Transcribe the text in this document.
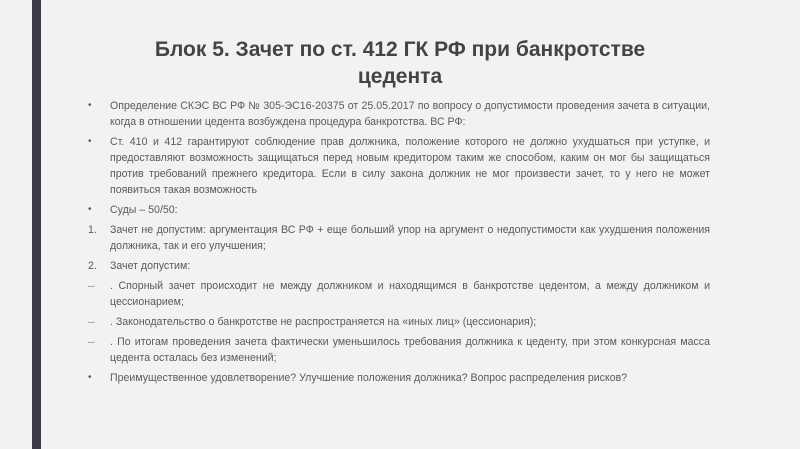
Блок 5. Зачет по ст. 412 ГК РФ при банкротстве цедента
•	Определение СКЭС ВС РФ № 305-ЭС16-20375 от 25.05.2017 по вопросу о допустимости проведения зачета в ситуации, когда в отношении цедента возбуждена процедура банкротства. ВС РФ:
•	Ст. 410 и 412 гарантируют соблюдение прав должника, положение которого не должно ухудшаться при уступке, и предоставляют возможность защищаться перед новым кредитором таким же способом, каким он мог бы защищаться против требований прежнего кредитора. Если в силу закона должник не мог произвести зачет, то у него не может появиться такая возможность
•	Суды – 50/50:
1.	Зачет не допустим: аргументация ВС РФ + еще больший упор на аргумент о недопустимости как ухудшения положения должника, так и его улучшения;
2.	Зачет допустим:
‿	. Спорный зачет происходит не между должником и находящимся в банкротстве цедентом, а между должником и цессионарием;
‿	. Законодательство о банкротстве не распространяется на «иных лиц» (цессионария);
‿	. По итогам проведения зачета фактически уменьшилось требования должника к цеденту, при этом конкурсная масса цедента осталась без изменений;
•	Преимущественное удовлетворение? Улучшение положения должника? Вопрос распределения рисков?
